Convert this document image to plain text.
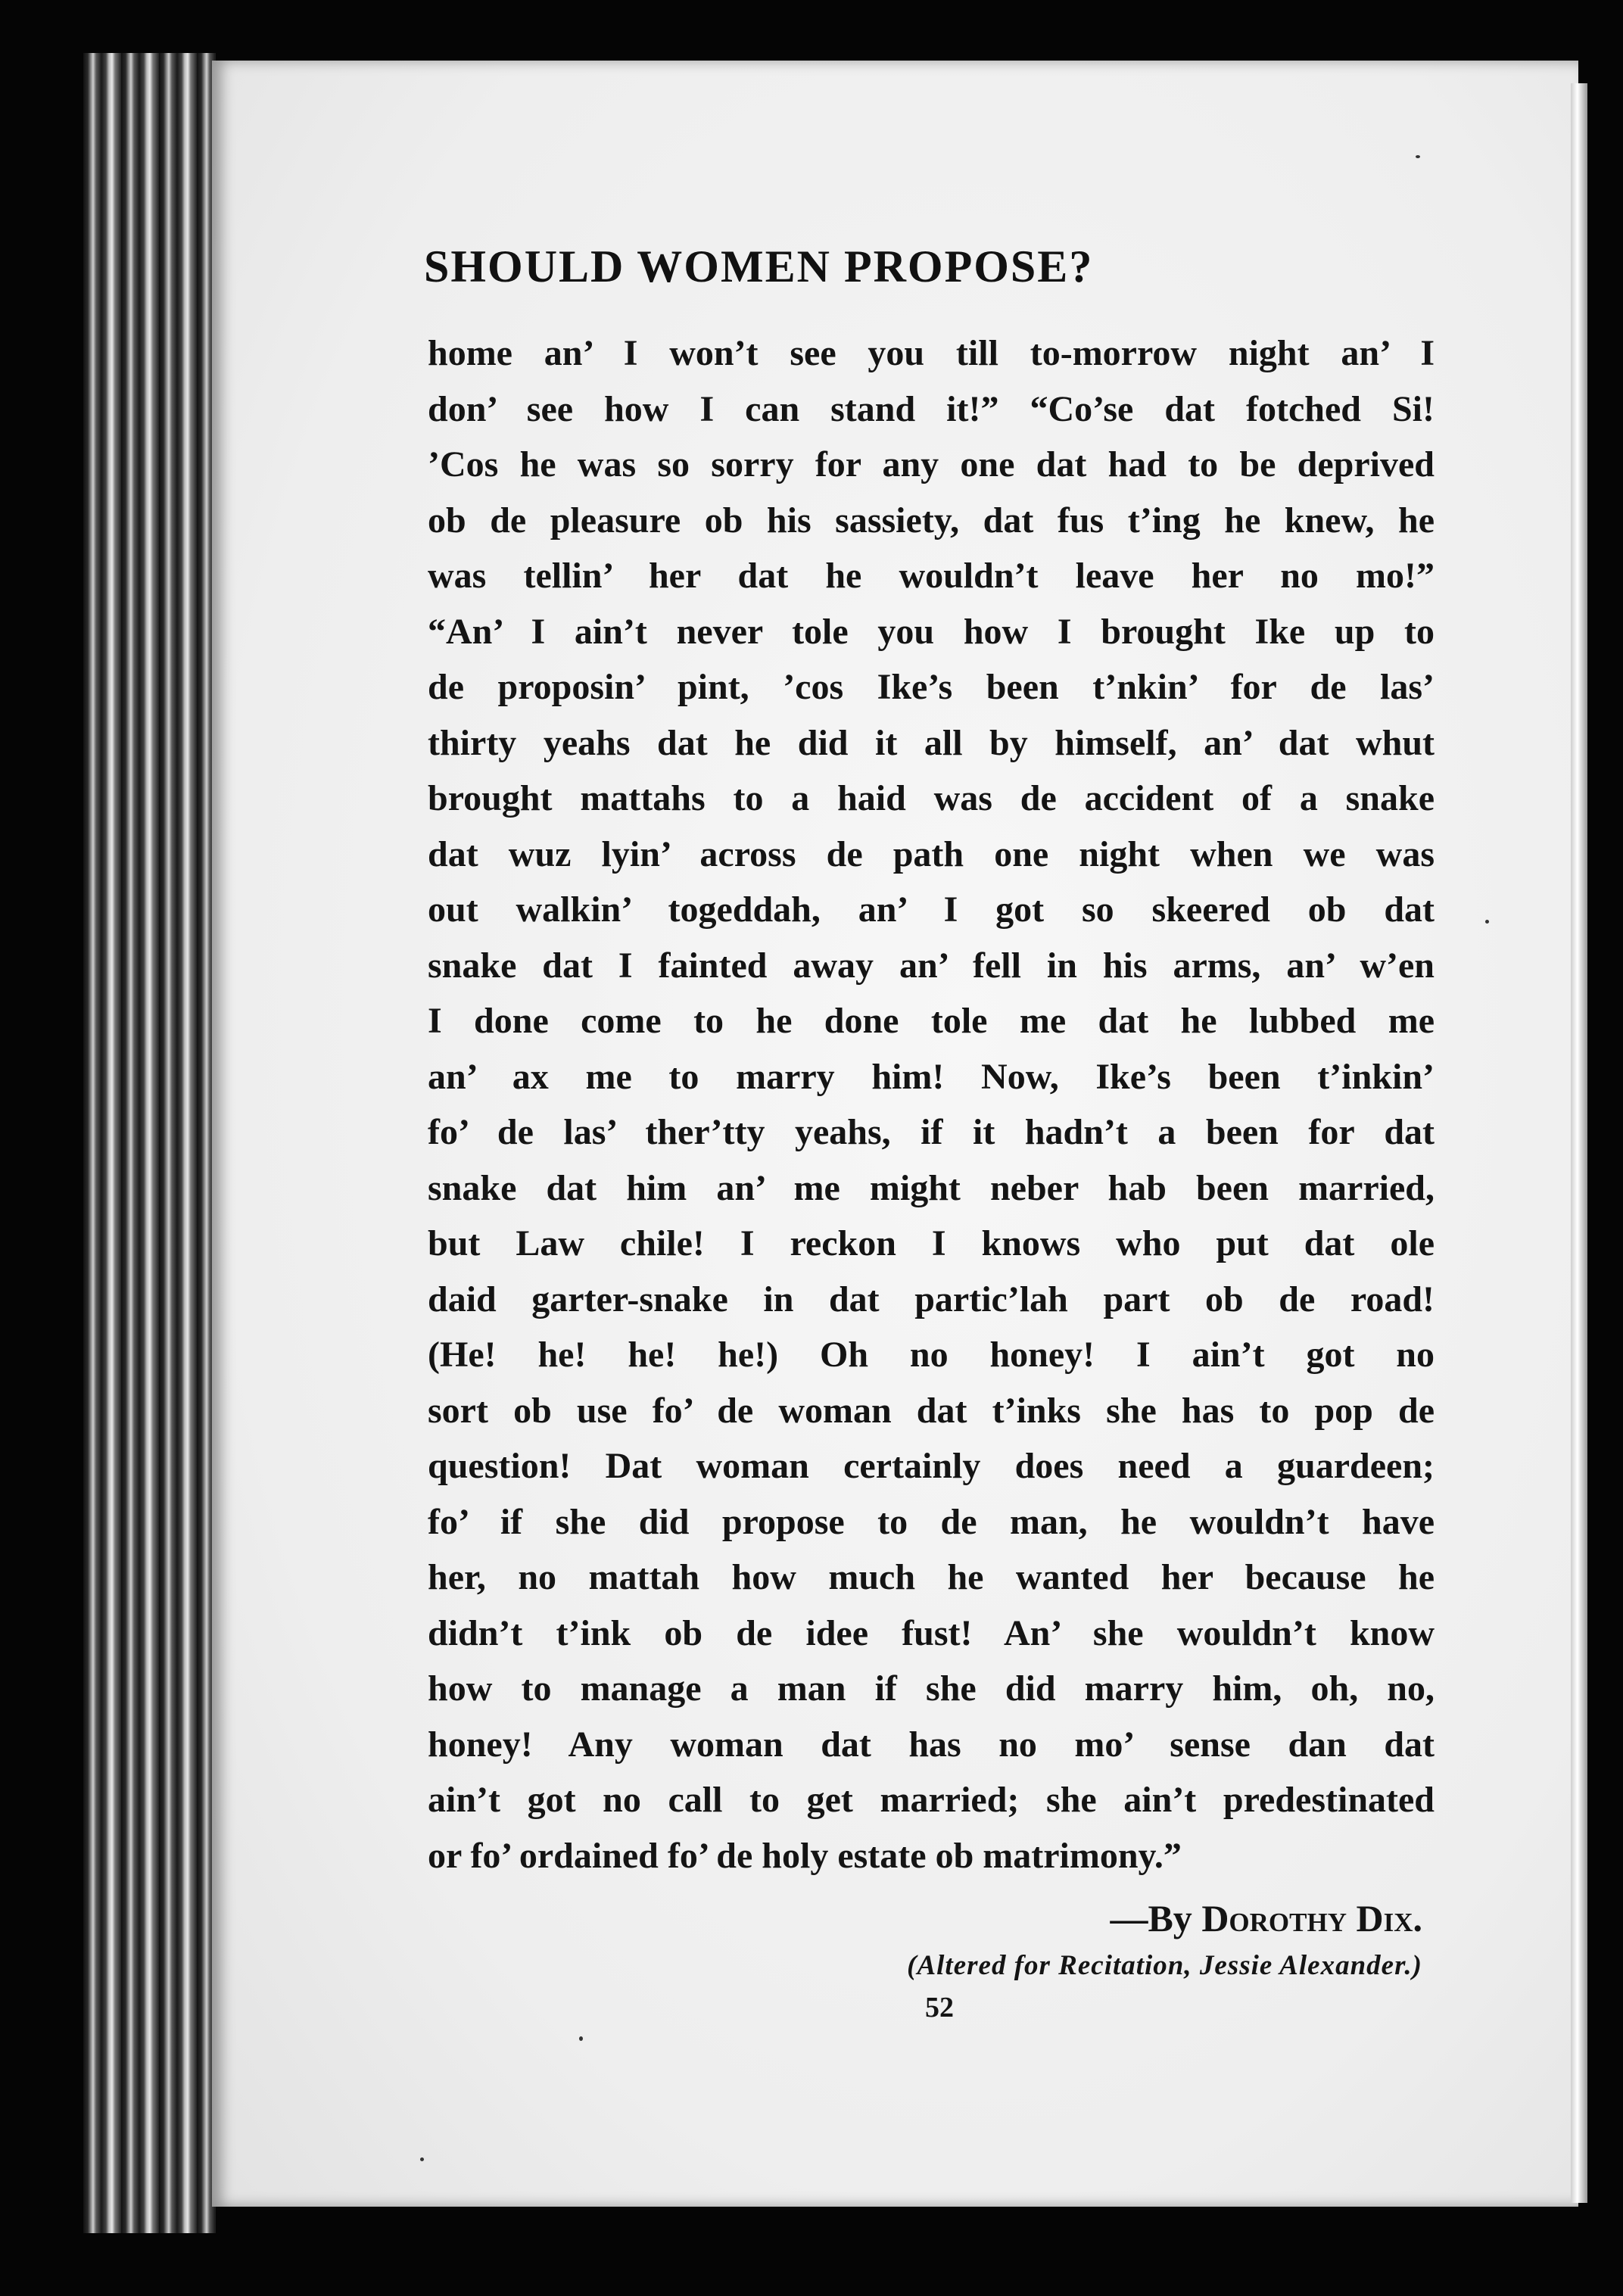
SHOULD WOMEN PROPOSE?
home an’ I won’t see you till to-morrow night an’ I
don’ see how I can stand it!” “Co’se dat fotched Si!
’Cos he was so sorry for any one dat had to be deprived
ob de pleasure ob his sassiety, dat fus t’ing he knew, he
was tellin’ her dat he wouldn’t leave her no mo!”
“An’ I ain’t never tole you how I brought Ike up to
de proposin’ pint, ’cos Ike’s been t’nkin’ for de las’
thirty yeahs dat he did it all by himself, an’ dat whut
brought mattahs to a haid was de accident of a snake
dat wuz lyin’ across de path one night when we was
out walkin’ togeddah, an’ I got so skeered ob dat
snake dat I fainted away an’ fell in his arms, an’ w’en
I done come to he done tole me dat he lubbed me
an’ ax me to marry him! Now, Ike’s been t’inkin’
fo’ de las’ ther’tty yeahs, if it hadn’t a been for dat
snake dat him an’ me might neber hab been married,
but Law chile! I reckon I knows who put dat ole
daid garter-snake in dat partic’lah part ob de road!
(He! he! he! he!) Oh no honey! I ain’t got no
sort ob use fo’ de woman dat t’inks she has to pop de
question! Dat woman certainly does need a guardeen;
fo’ if she did propose to de man, he wouldn’t have
her, no mattah how much he wanted her because he
didn’t t’ink ob de idee fust! An’ she wouldn’t know
how to manage a man if she did marry him, oh, no,
honey! Any woman dat has no mo’ sense dan dat
ain’t got no call to get married; she ain’t predestinated
or fo’ ordained fo’ de holy estate ob matrimony.”

—By Dorothy Dix.

(Altered for Recitation, Jessie Alexander.)

52
